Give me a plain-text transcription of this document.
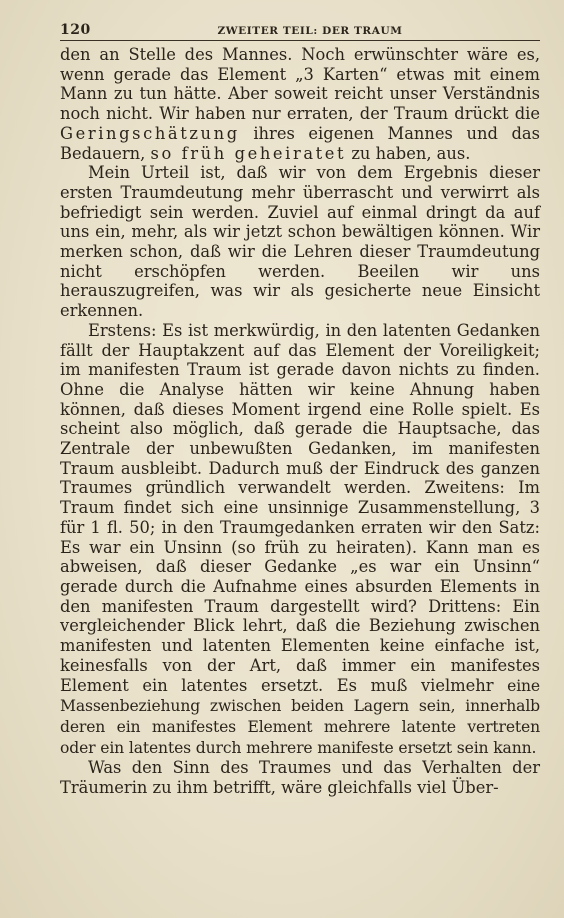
120	ZWEITER TEIL: DER TRAUM

den an Stelle des Mannes. Noch erwünschter wäre es, wenn gerade das Element „3 Karten“ etwas mit einem Mann zu tun hätte. Aber soweit reicht unser Verständnis noch nicht. Wir haben nur erraten, der Traum drückt die Geringschätzung ihres eigenen Mannes und das Bedauern, so früh geheiratet zu haben, aus.

Mein Urteil ist, daß wir von dem Ergebnis dieser ersten Traumdeutung mehr überrascht und verwirrt als befriedigt sein werden. Zuviel auf einmal dringt da auf uns ein, mehr, als wir jetzt schon bewältigen können. Wir merken schon, daß wir die Lehren dieser Traumdeutung nicht erschöpfen werden. Beeilen wir uns herauszugreifen, was wir als gesicherte neue Einsicht erkennen.

Erstens: Es ist merkwürdig, in den latenten Gedanken fällt der Hauptakzent auf das Element der Voreiligkeit; im manifesten Traum ist gerade davon nichts zu finden. Ohne die Analyse hätten wir keine Ahnung haben können, daß dieses Moment irgend eine Rolle spielt. Es scheint also möglich, daß gerade die Hauptsache, das Zentrale der unbewußten Gedanken, im manifesten Traum ausbleibt. Dadurch muß der Eindruck des ganzen Traumes gründlich verwandelt werden. Zweitens: Im Traum findet sich eine unsinnige Zusammenstellung, 3 für 1 fl. 50; in den Traumgedanken erraten wir den Satz: Es war ein Unsinn (so früh zu heiraten). Kann man es abweisen, daß dieser Gedanke „es war ein Unsinn“ gerade durch die Aufnahme eines absurden Elements in den manifesten Traum dargestellt wird? Drittens: Ein vergleichender Blick lehrt, daß die Beziehung zwischen manifesten und latenten Elementen keine einfache ist, keinesfalls von der Art, daß immer ein manifestes Element ein latentes ersetzt. Es muß vielmehr eine Massenbeziehung zwischen beiden Lagern sein, innerhalb deren ein manifestes Element mehrere latente vertreten oder ein latentes durch mehrere manifeste ersetzt sein kann.

Was den Sinn des Traumes und das Verhalten der Träumerin zu ihm betrifft, wäre gleichfalls viel Über-
